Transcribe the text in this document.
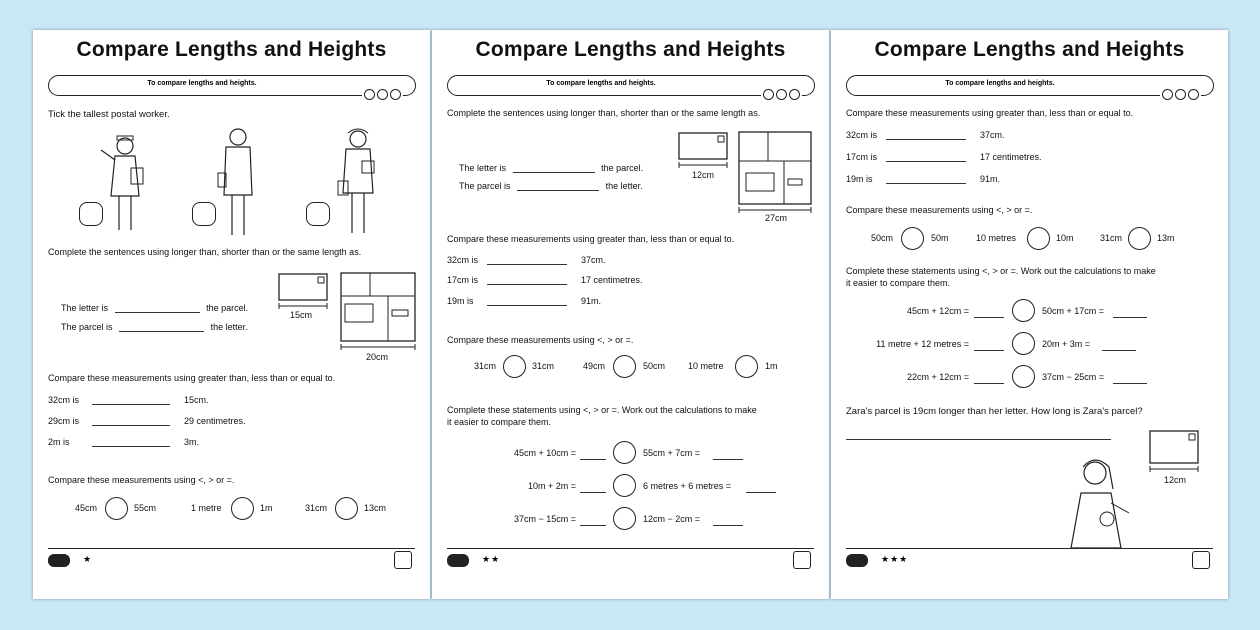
Compare Lengths and Heights
To compare lengths and heights.
Tick the tallest postal worker.
Complete the sentences using longer than, shorter than or the same length as.
The letter is	the parcel.
The parcel is	the letter.
15cm
20cm
Compare these measurements using greater than, less than or equal to.
32cm is	15cm.
29cm is	29 centimetres.
2m is	3m.
Compare these measurements using <, > or =.
45cm	55cm	1 metre	1m	31cm	13cm
★
Compare Lengths and Heights
To compare lengths and heights.
Complete the sentences using longer than, shorter than or the same length as.
The letter is	the parcel.
The parcel is	the letter.
12cm
27cm
Compare these measurements using greater than, less than or equal to.
32cm is	37cm.
17cm is	17 centimetres.
19m is	91m.
Compare these measurements using <, > or =.
31cm	31cm	49cm	50cm	10 metre	1m
Complete these statements using <, > or =. Work out the calculations to make
it easier to compare them.
45cm + 10cm =	55cm + 7cm =
10m + 2m =	6 metres + 6 metres =
37cm − 15cm =	12cm − 2cm =
★★
Compare Lengths and Heights
To compare lengths and heights.
Compare these measurements using greater than, less than or equal to.
32cm is	37cm.
17cm is	17 centimetres.
19m is	91m.
Compare these measurements using <, > or =.
50cm	50m	10 metres	10m	31cm	13m
Complete these statements using <, > or =. Work out the calculations to make
it easier to compare them.
45cm + 12cm =	50cm + 17cm =
11 metre + 12 metres =	20m + 3m =
22cm + 12cm =	37cm − 25cm =
Zara's parcel is 19cm longer than her letter. How long is Zara's parcel?
12cm
★★★
